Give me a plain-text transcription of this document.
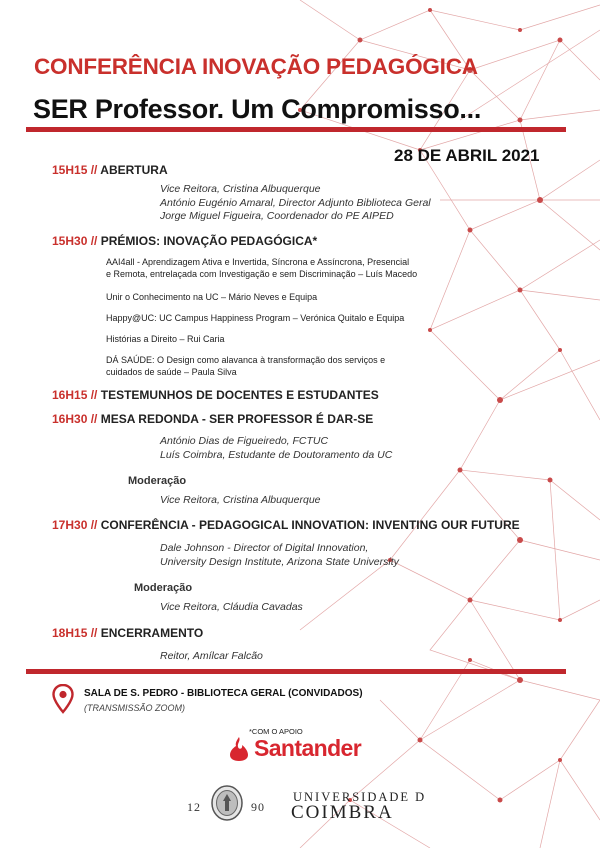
CONFERÊNCIA INOVAÇÃO PEDAGÓGICA
SER Professor. Um Compromisso...
28 DE ABRIL 2021
15H15 // ABERTURA
Vice Reitora, Cristina Albuquerque
António Eugénio Amaral, Director Adjunto Biblioteca Geral
Jorge Miguel Figueira, Coordenador do PE AIPED
15H30 // PRÉMIOS: INOVAÇÃO PEDAGÓGICA*
AAI4all - Aprendizagem Ativa e Invertida, Síncrona e Assíncrona, Presencial
e Remota, entrelaçada com Investigação e sem Discriminação – Luís Macedo
Unir o Conhecimento na UC – Mário Neves e Equipa
Happy@UC: UC Campus Happiness Program – Verónica Quitalo e Equipa
Histórias a Direito – Rui Caria
DÁ SAÚDE: O Design como alavanca à transformação dos serviços e
cuidados de saúde – Paula Silva
16H15 // TESTEMUNHOS DE DOCENTES E ESTUDANTES
16H30 // MESA REDONDA - SER PROFESSOR É DAR-SE
António Dias de Figueiredo, FCTUC
Luís Coimbra, Estudante de Doutoramento da UC
Moderação
Vice Reitora, Cristina Albuquerque
17H30 // CONFERÊNCIA - PEDAGOGICAL INNOVATION: INVENTING OUR FUTURE
Dale Johnson - Director of Digital Innovation,
University Design Institute, Arizona State University
Moderação
Vice Reitora, Cláudia Cavadas
18H15 // ENCERRAMENTO
Reitor, Amílcar Falcão
SALA DE S. PEDRO - BIBLIOTECA GERAL (CONVIDADOS)
(TRANSMISSÃO ZOOM)
*COM O APOIO
Santander
12	90
UNIVERSIDADE D
COIMBRA
